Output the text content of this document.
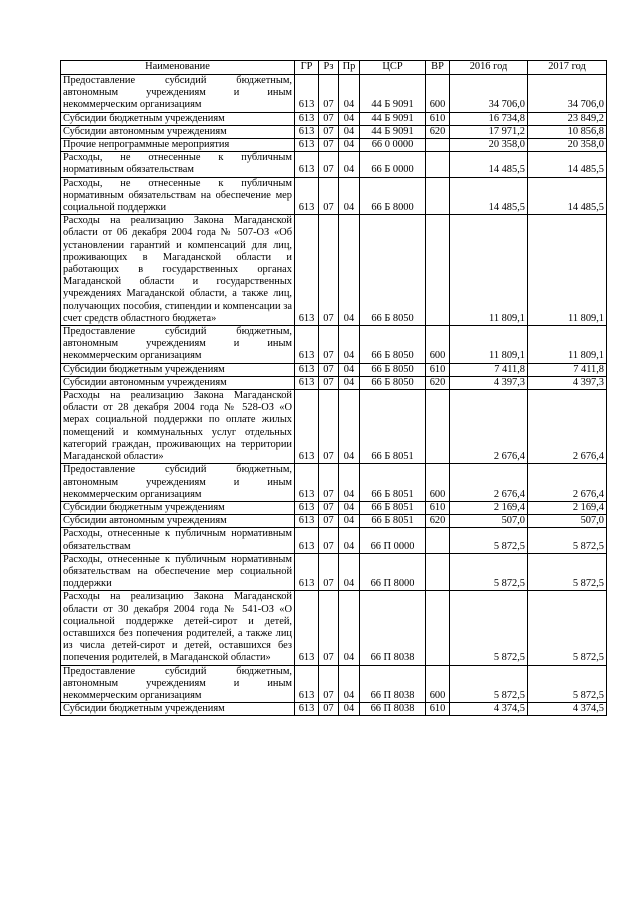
Наименование	ГР	Рз	Пр	ЦСР	ВР	2016 год	2017 год
Предоставление субсидий бюджетным, автономным учреждениям и иным некоммерческим организациям	613	07	04	44 Б 9091	600	34 706,0	34 706,0
Субсидии бюджетным учреждениям	613	07	04	44 Б 9091	610	16 734,8	23 849,2
Субсидии автономным учреждениям	613	07	04	44 Б 9091	620	17 971,2	10 856,8
Прочие непрограммные мероприятия	613	07	04	66 0 0000		20 358,0	20 358,0
Расходы, не отнесенные к публичным нормативным обязательствам	613	07	04	66 Б 0000		14 485,5	14 485,5
Расходы, не отнесенные к публичным нормативным обязательствам на обеспечение мер социальной поддержки	613	07	04	66 Б 8000		14 485,5	14 485,5
Расходы на реализацию Закона Магаданской области от 06 декабря 2004 года № 507-ОЗ «Об установлении гарантий и компенсаций для лиц, проживающих в Магаданской области и работающих в государственных органах Магаданской области и государственных учреждениях Магаданской области, а также лиц, получающих пособия, стипендии и компенсации за счет средств областного бюджета»	613	07	04	66 Б 8050		11 809,1	11 809,1
Предоставление субсидий бюджетным, автономным учреждениям и иным некоммерческим организациям	613	07	04	66 Б 8050	600	11 809,1	11 809,1
Субсидии бюджетным учреждениям	613	07	04	66 Б 8050	610	7 411,8	7 411,8
Субсидии автономным учреждениям	613	07	04	66 Б 8050	620	4 397,3	4 397,3
Расходы на реализацию Закона Магаданской области от 28 декабря 2004 года № 528-ОЗ «О мерах социальной поддержки по оплате жилых помещений и коммунальных услуг отдельных категорий граждан, проживающих на территории Магаданской области»	613	07	04	66 Б 8051		2 676,4	2 676,4
Предоставление субсидий бюджетным, автономным учреждениям и иным некоммерческим организациям	613	07	04	66 Б 8051	600	2 676,4	2 676,4
Субсидии бюджетным учреждениям	613	07	04	66 Б 8051	610	2 169,4	2 169,4
Субсидии автономным учреждениям	613	07	04	66 Б 8051	620	507,0	507,0
Расходы, отнесенные к публичным нормативным обязательствам	613	07	04	66 П 0000		5 872,5	5 872,5
Расходы, отнесенные к публичным нормативным обязательствам на обеспечение мер социальной поддержки	613	07	04	66 П 8000		5 872,5	5 872,5
Расходы на реализацию Закона Магаданской области от 30 декабря 2004 года № 541-ОЗ «О социальной поддержке детей-сирот и детей, оставшихся без попечения родителей, а также лиц из числа детей-сирот и детей, оставшихся без попечения родителей, в Магаданской области»	613	07	04	66 П 8038		5 872,5	5 872,5
Предоставление субсидий бюджетным, автономным учреждениям и иным некоммерческим организациям	613	07	04	66 П 8038	600	5 872,5	5 872,5
Субсидии бюджетным учреждениям	613	07	04	66 П 8038	610	4 374,5	4 374,5
